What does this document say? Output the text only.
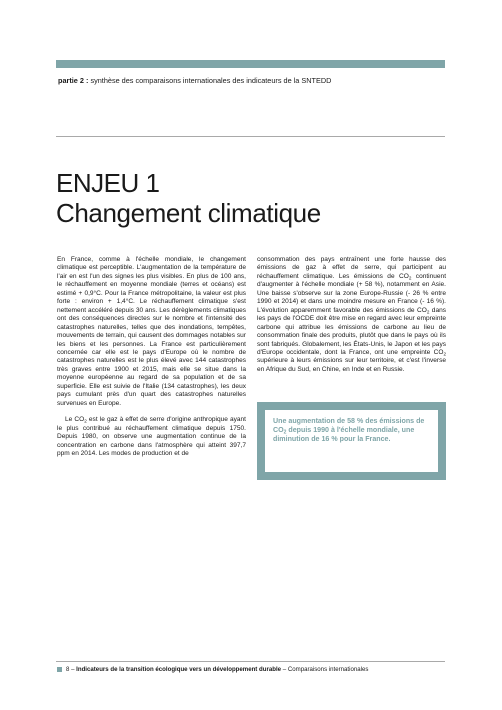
partie 2 : synthèse des comparaisons internationales des indicateurs de la SNTEDD
ENJEU 1
Changement climatique

En France, comme à l'échelle mondiale, le changement climatique est perceptible. L'augmentation de la température de l'air en est l'un des signes les plus visibles. En plus de 100 ans, le réchauffement en moyenne mondiale (terres et océans) est estimé + 0,9°C. Pour la France métropolitaine, la valeur est plus forte : environ + 1,4°C. Le réchauffement climatique s'est nettement accéléré depuis 30 ans. Les dérèglements climatiques ont des conséquences directes sur le nombre et l'intensité des catastrophes naturelles, telles que des inondations, tempêtes, mouvements de terrain, qui causent des dommages notables sur les biens et les personnes. La France est particulièrement concernée car elle est le pays d'Europe où le nombre de catastrophes naturelles est le plus élevé avec 144 catastrophes très graves entre 1900 et 2015, mais elle se situe dans la moyenne européenne au regard de sa population et de sa superficie. Elle est suivie de l'Italie (134 catastrophes), les deux pays cumulant près d'un quart des catastrophes naturelles survenues en Europe.

Le $CO_2$ est le gaz à effet de serre d'origine anthropique ayant le plus contribué au réchauffement climatique depuis 1750. Depuis 1980, on observe une augmentation continue de la concentration en carbone dans l'atmosphère qui atteint 397,7 ppm en 2014. Les modes de production et de

consommation des pays entraînent une forte hausse des émissions de gaz à effet de serre, qui participent au réchauffement climatique. Les émissions de $CO_2$ continuent d'augmenter à l'échelle mondiale (+ 58 %), notamment en Asie. Une baisse s'observe sur la zone Europe-Russie (- 26 % entre 1990 et 2014) et dans une moindre mesure en France (- 16 %). L'évolution apparemment favorable des émissions de $CO_2$ dans les pays de l'OCDE doit être mise en regard avec leur empreinte carbone qui attribue les émissions de carbone au lieu de consommation finale des produits, plutôt que dans le pays où ils sont fabriqués. Globalement, les États-Unis, le Japon et les pays d'Europe occidentale, dont la France, ont une empreinte $CO_2$ supérieure à leurs émissions sur leur territoire, et c'est l'inverse en Afrique du Sud, en Chine, en Inde et en Russie.

Une augmentation de 58 % des émissions de $CO_2$ depuis 1990 à l'échelle mondiale, une diminution de 16 % pour la France.
8 – Indicateurs de la transition écologique vers un développement durable – Comparaisons internationales
